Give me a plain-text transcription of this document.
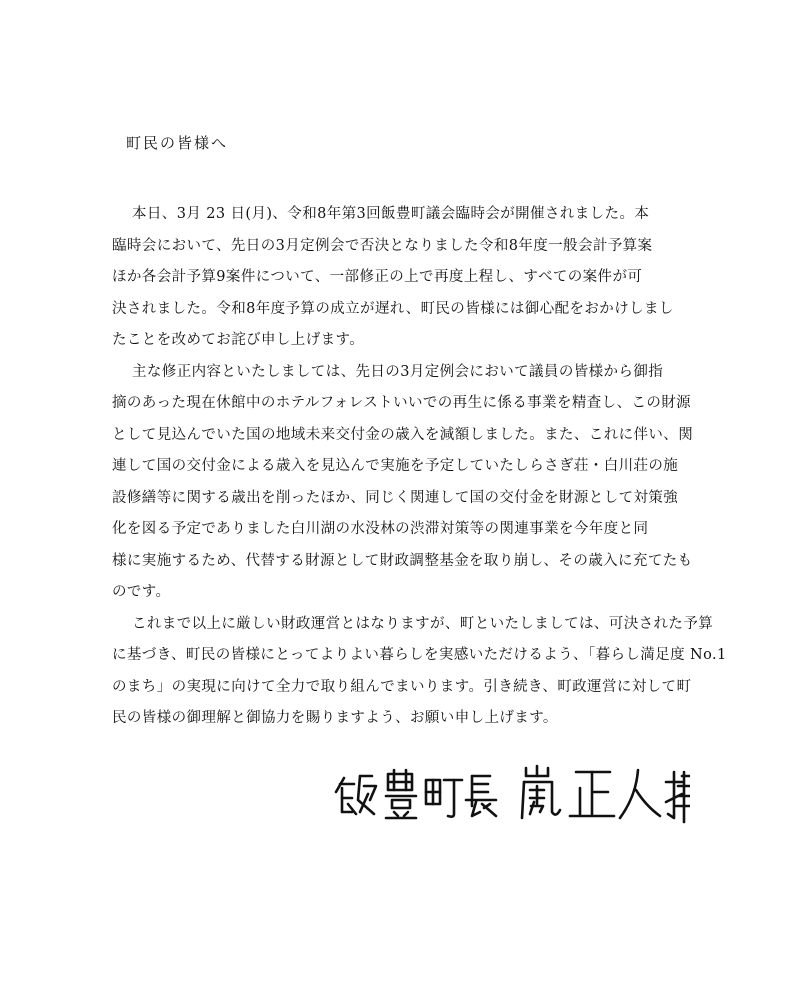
町民の皆様へ
本日、3月 23 日(月)、令和8年第3回飯豊町議会臨時会が開催されました。本
臨時会において、先日の3月定例会で否決となりました令和8年度一般会計予算案
ほか各会計予算9案件について、一部修正の上で再度上程し、すべての案件が可
決されました。令和8年度予算の成立が遅れ、町民の皆様には御心配をおかけしまし
たことを改めてお詫び申し上げます。
主な修正内容といたしましては、先日の3月定例会において議員の皆様から御指
摘のあった現在休館中のホテルフォレストいいでの再生に係る事業を精査し、この財源
として見込んでいた国の地域未来交付金の歳入を減額しました。また、これに伴い、関
連して国の交付金による歳入を見込んで実施を予定していたしらさぎ荘・白川荘の施
設修繕等に関する歳出を削ったほか、同じく関連して国の交付金を財源として対策強
化を図る予定でありました白川湖の水没林の渋滞対策等の関連事業を今年度と同
様に実施するため、代替する財源として財政調整基金を取り崩し、その歳入に充てたも
のです。
これまで以上に厳しい財政運営とはなりますが、町といたしましては、可決された予算
に基づき、町民の皆様にとってよりよい暮らしを実感いただけるよう、「暮らし満足度 No.1
のまち」の実現に向けて全力で取り組んでまいります。引き続き、町政運営に対して町
民の皆様の御理解と御協力を賜りますよう、お願い申し上げます。
